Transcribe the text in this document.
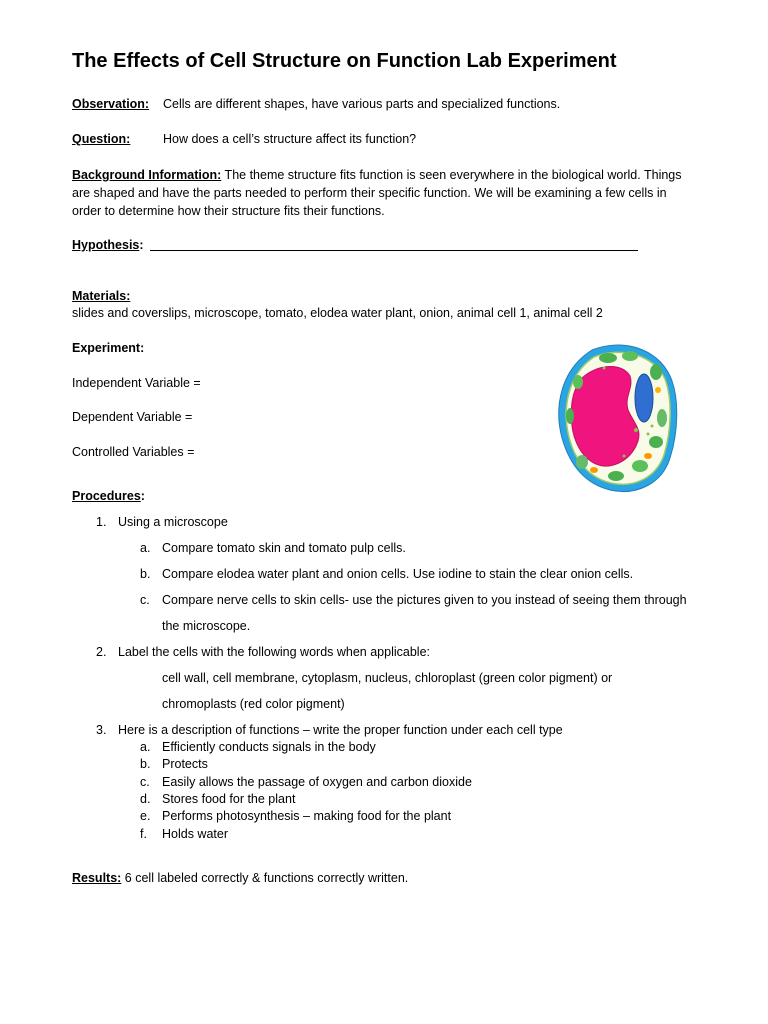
The Effects of Cell Structure on Function Lab Experiment
Observation: Cells are different shapes, have various parts and specialized functions.
Question:	How does a cell’s structure affect its function?
Background Information: The theme structure fits function is seen everywhere in the biological world. Things are shaped and have the parts needed to perform their specific function. We will be examining a few cells in order to determine how their structure fits their functions.
Hypothesis:
Materials:
slides and coverslips, microscope, tomato, elodea water plant, onion, animal cell 1, animal cell 2
Experiment:
Independent Variable =
Dependent Variable =
Controlled Variables =
Procedures:
1. Using a microscope
a. Compare tomato skin and tomato pulp cells.
b. Compare elodea water plant and onion cells. Use iodine to stain the clear onion cells.
c. Compare nerve cells to skin cells- use the pictures given to you instead of seeing them through
the microscope.
2. Label the cells with the following words when applicable:
cell wall, cell membrane, cytoplasm, nucleus, chloroplast (green color pigment) or
chromoplasts (red color pigment)
3. Here is a description of functions – write the proper function under each cell type
a. Efficiently conducts signals in the body
b. Protects
c. Easily allows the passage of oxygen and carbon dioxide
d. Stores food for the plant
e. Performs photosynthesis – making food for the plant
f. Holds water
Results: 6 cell labeled correctly & functions correctly written.
